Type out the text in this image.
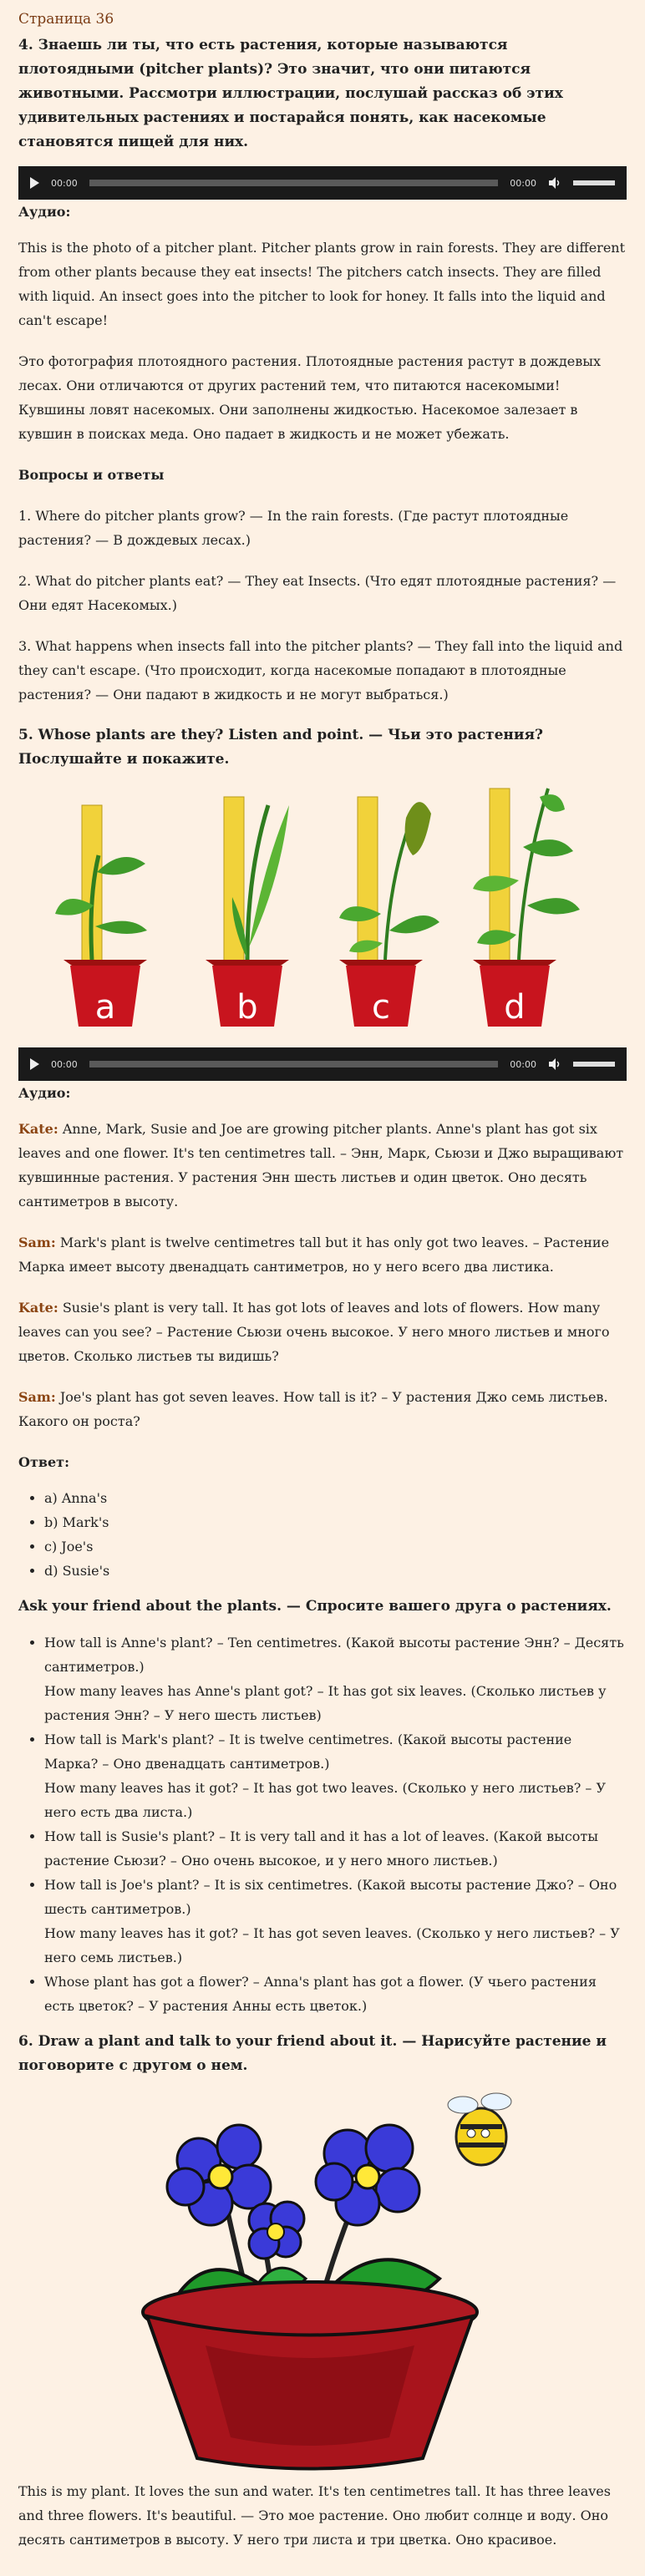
Страница 36
4. Знаешь ли ты, что есть растения, которые называются плотоядными (pitcher plants)? Это значит, что они питаются животными. Рассмотри иллюстрации, послушай рассказ об этих удивительных растениях и постарайся понять, как насекомые становятся пищей для них.
00:00	00:00

Аудио:

This is the photo of a pitcher plant. Pitcher plants grow in rain forests. They are different from other plants because they eat insects! The pitchers catch insects. They are filled with liquid. An insect goes into the pitcher to look for honey. It falls into the liquid and can't escape!

Это фотография плотоядного растения. Плотоядные растения растут в дождевых лесах. Они отличаются от других растений тем, что питаются насекомыми! Кувшины ловят насекомых. Они заполнены жидкостью. Насекомое залезает в кувшин в поисках меда. Оно падает в жидкость и не может убежать.

Вопросы и ответы

1. Where do pitcher plants grow? — In the rain forests. (Где растут плотоядные растения? — В дождевых лесах.)

2. What do pitcher plants eat? — They eat Insects. (Что едят плотоядные растения? — Они едят Насекомых.)

3. What happens when insects fall into the pitcher plants? — They fall into the liquid and they can't escape. (Что происходит, когда насекомые попадают в плотоядные растения? — Они падают в жидкость и не могут выбраться.)

5. Whose plants are they? Listen and point. — Чьи это растения? Послушайте и покажите.
a	b	c	d
00:00	00:00

Аудио:

Kate: Anne, Mark, Susie and Joe are growing pitcher plants. Anne's plant has got six leaves and one flower. It's ten centimetres tall. – Энн, Марк, Сьюзи и Джо выращивают кувшинные растения. У растения Энн шесть листьев и один цветок. Оно десять сантиметров в высоту.

Sam: Mark's plant is twelve centimetres tall but it has only got two leaves. – Растение Марка имеет высоту двенадцать сантиметров, но у него всего два листика.

Kate: Susie's plant is very tall. It has got lots of leaves and lots of flowers. How many leaves can you see? – Растение Сьюзи очень высокое. У него много листьев и много цветов. Сколько листьев ты видишь?

Sam: Joe's plant has got seven leaves. How tall is it? – У растения Джо семь листьев. Какого он роста?

Ответ:

• a) Anna's
• b) Mark's
• c) Joe's
• d) Susie's
Ask your friend about the plants. — Спросите вашего друга о растениях.
• How tall is Anne's plant? – Ten centimetres. (Какой высоты растение Энн? – Десять сантиметров.)
How many leaves has Anne's plant got? – It has got six leaves. (Сколько листьев у растения Энн? – У него шесть листьев)
• How tall is Mark's plant? – It is twelve centimetres. (Какой высоты растение Марка? – Оно двенадцать сантиметров.)
How many leaves has it got? – It has got two leaves. (Сколько у него листьев? – У него есть два листа.)
• How tall is Susie's plant? – It is very tall and it has a lot of leaves. (Какой высоты растение Сьюзи? – Оно очень высокое, и у него много листьев.)
• How tall is Joe's plant? – It is six centimetres. (Какой высоты растение Джо? – Оно шесть сантиметров.)
How many leaves has it got? – It has got seven leaves. (Сколько у него листьев? – У него семь листьев.)
• Whose plant has got a flower? – Anna's plant has got a flower. (У чьего растения есть цветок? – У растения Анны есть цветок.)
6. Draw a plant and talk to your friend about it. — Нарисуйте растение и поговорите с другом о нем.

This is my plant. It loves the sun and water. It's ten centimetres tall. It has three leaves and three flowers. It's beautiful. — Это мое растение. Оно любит солнце и воду. Оно десять сантиметров в высоту. У него три листа и три цветка. Оно красивое.
